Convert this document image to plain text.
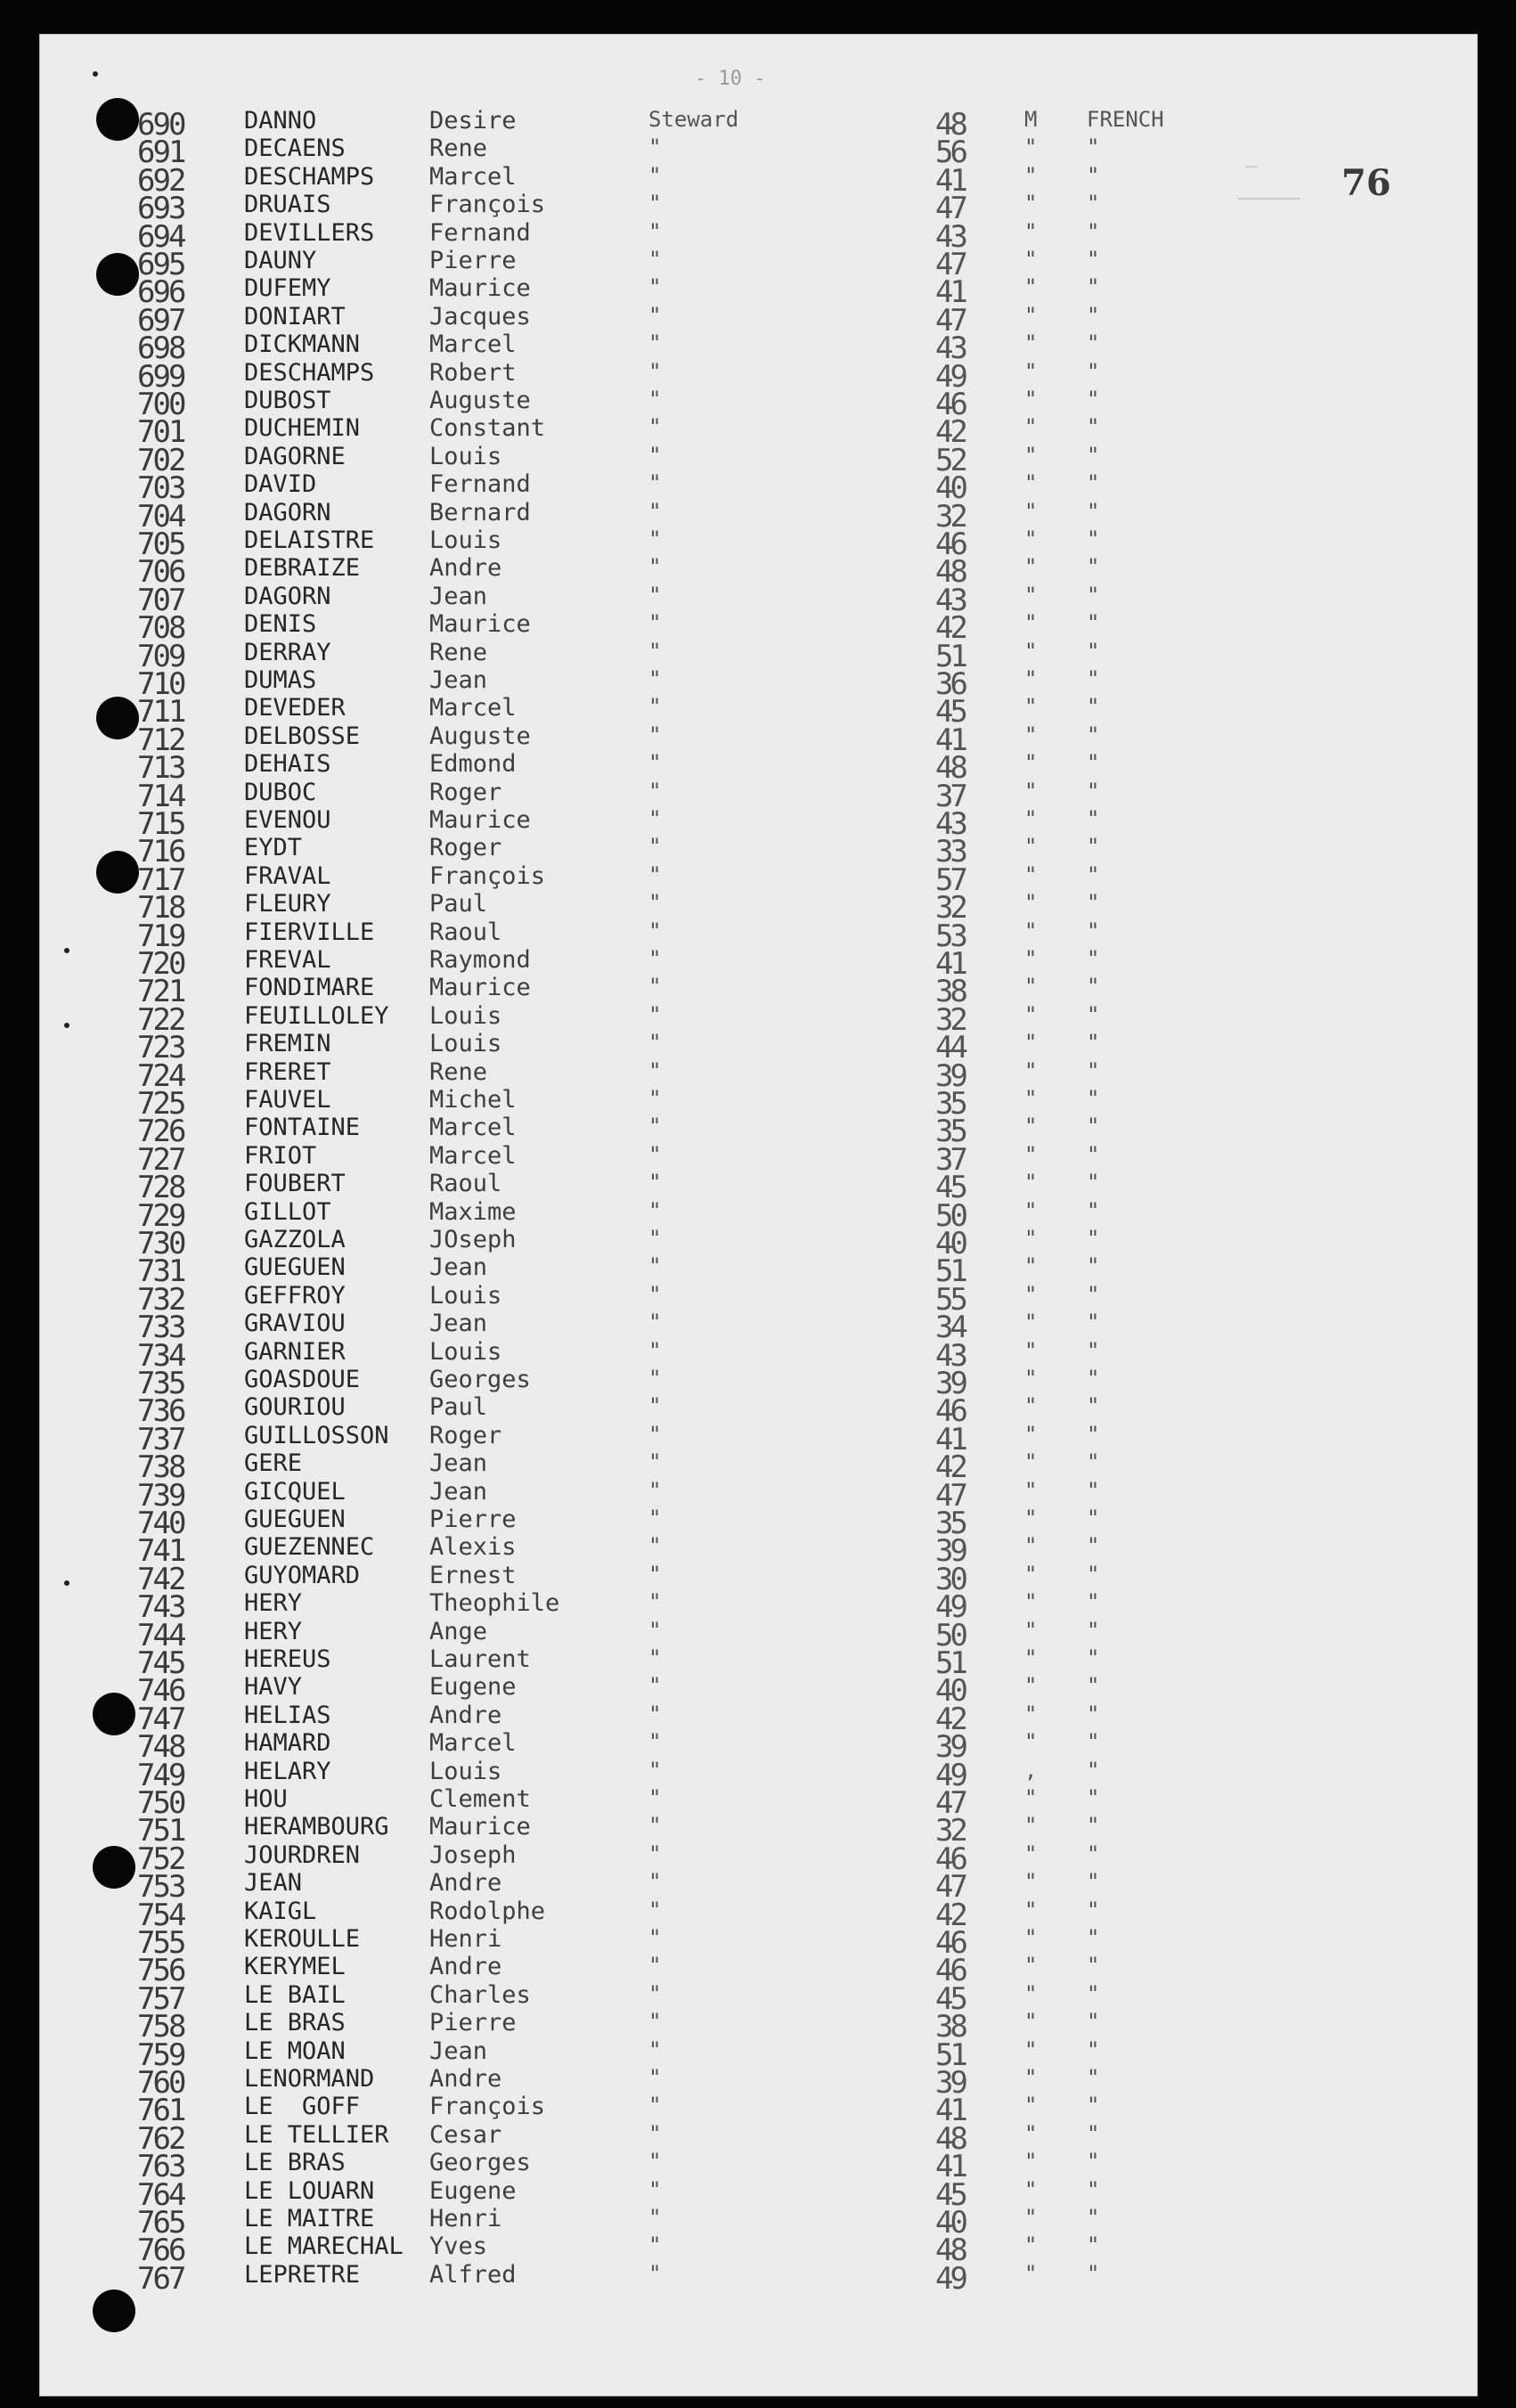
- 10 -
76
690	DANNO	Desire	Steward	48	M FRENCH
691	DECAENS	Rene	"	56	" "
692	DESCHAMPS Marcel	"	41	" "
693	DRUAIS	François	"	47	" "
694	DEVILLERS Fernand	"	43	" "
695	DAUNY	Pierre	"	47	" "
696	DUFEMY	Maurice	"	41	" "
697	DONIART	Jacques	"	47	" "
698	DICKMANN	Marcel	"	43	" "
699	DESCHAMPS Robert	"	49	" "
700	DUBOST	Auguste	"	46	" "
701	DUCHEMIN	Constant	"	42	" "
702	DAGORNE	Louis	"	52	" "
703	DAVID	Fernand	"	40	" "
704	DAGORN	Bernard	"	32	" "
705	DELAISTRE Louis	"	46	" "
706	DEBRAIZE	Andre	"	48	" "
707	DAGORN	Jean	"	43	" "
708	DENIS	Maurice	"	42	" "
709	DERRAY	Rene	"	51	" "
710	DUMAS	Jean	"	36	" "
711	DEVEDER	Marcel	"	45	" "
712	DELBOSSE	Auguste	"	41	" "
713	DEHAIS	Edmond	"	48	" "
714	DUBOC	Roger	"	37	" "
715	EVENOU	Maurice	"	43	" "
716	EYDT	Roger	"	33	" "
717	FRAVAL	François	"	57	" "
718	FLEURY	Paul	"	32	" "
719	FIERVILLE Raoul	"	53	" "
720	FREVAL	Raymond	"	41	" "
721	FONDIMARE Maurice	"	38	" "
722	FEUILLOLEY Louis	"	32	" "
723	FREMIN	Louis	"	44	" "
724	FRERET	Rene	"	39	" "
725	FAUVEL	Michel	"	35	" "
726	FONTAINE	Marcel	"	35	" "
727	FRIOT	Marcel	"	37	" "
728	FOUBERT	Raoul	"	45	" "
729	GILLOT	Maxime	"	50	" "
730	GAZZOLA	JOseph	"	40	" "
731	GUEGUEN	Jean	"	51	" "
732	GEFFROY	Louis	"	55	" "
733	GRAVIOU	Jean	"	34	" "
734	GARNIER	Louis	"	43	" "
735	GOASDOUE	Georges	"	39	" "
736	GOURIOU	Paul	"	46	" "
737	GUILLOSSON Roger	"	41	" "
738	GERE	Jean	"	42	" "
739	GICQUEL	Jean	"	47	" "
740	GUEGUEN	Pierre	"	35	" "
741	GUEZENNEC Alexis	"	39	" "
742	GUYOMARD	Ernest	"	30	" "
743	HERY	Theophile	"	49	" "
744	HERY	Ange	"	50	" "
745	HEREUS	Laurent	"	51	" "
746	HAVY	Eugene	"	40	" "
747	HELIAS	Andre	"	42	" "
748	HAMARD	Marcel	"	39	" "
749	HELARY	Louis	"	49	, "
750	HOU	Clement	"	47	" "
751	HERAMBOURG Maurice	"	32	" "
752	JOURDREN	Joseph	"	46	" "
753	JEAN	Andre	"	47	" "
754	KAIGL	Rodolphe	"	42	" "
755	KEROULLE	Henri	"	46	" "
756	KERYMEL	Andre	"	46	" "
757	LE BAIL	Charles	"	45	" "
758	LE BRAS	Pierre	"	38	" "
759	LE MOAN	Jean	"	51	" "
760	LENORMAND Andre	"	39	" "
761	LE  GOFF	François	"	41	" "
762	LE TELLIER Cesar	"	48	" "
763	LE BRAS	Georges	"	41	" "
764	LE LOUARN Eugene	"	45	" "
765	LE MAITRE Henri	"	40	" "
766	LE MARECHAL Yves	"	48	" "
767	LEPRETRE	Alfred	"	49	" "
